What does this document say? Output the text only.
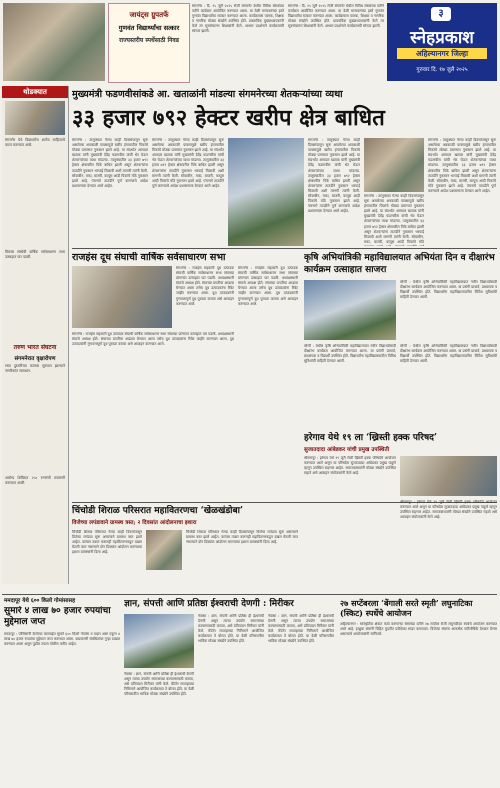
जायंट्स ग्रुपतर्फे
गुणवंत विद्यार्थ्यांचा सत्कार
राज्यस्तरीय स्पर्धेसाठी निवड
संगमनेर : दि. १५ जुलै २०२५ रोजी संगमनेर येथील विविध संस्थांच्या वतीने कार्यक्रम आयोजित करण्यात आला. या वेळी मान्यवरांच्या हस्ते गुणवंत विद्यार्थ्यांचा सत्कार करण्यात आला. कार्यक्रमास पालक, शिक्षक व नागरिक मोठ्या संख्येने उपस्थित होते. प्रास्ताविक मुख्याध्यापकांनी केले तर सूत्रसंचालन शिक्षकांनी केले. आभार प्रदर्शनाने कार्यक्रमाची सांगता झाली.
संगमनेर : दि. १५ जुलै २०२५ रोजी संगमनेर येथील विविध संस्थांच्या वतीने कार्यक्रम आयोजित करण्यात आला. या वेळी मान्यवरांच्या हस्ते गुणवंत विद्यार्थ्यांचा सत्कार करण्यात आला. कार्यक्रमास पालक, शिक्षक व नागरिक मोठ्या संख्येने उपस्थित होते. प्रास्ताविक मुख्याध्यापकांनी केले तर सूत्रसंचालन शिक्षकांनी केले. आभार प्रदर्शनाने कार्यक्रमाची सांगता झाली.
३
स्नेहप्रकाश
अहिल्यानगर जिल्हा
गुरुवार दि. १७ जुलै २०२५
थोडक्यात
संगमनेर येथे विद्यार्थ्यांना शालेय साहित्याचे वाटप करण्यात आले.
विकास संस्थेची वार्षिक सर्वसाधारण सभा उत्साहात पार पडली.
तरुण भारत संघटना
संगमनेरात वृक्षारोपण
रस्ता दुरुस्तीच्या कामास सुरुवात झाल्याने नागरिकांत समाधान.
आरोग्य शिबिरात २५० रुग्णांची तपासणी करण्यात आली.
मुख्यमंत्री फडणवीसांकडे आ. खताळांनी मांडल्या संगमनेरच्या शेतकऱ्यांच्या व्यथा
३३ हजार ७९२ हेक्टर खरीप क्षेत्र बाधित
संगमनेर : तालुक्यात गेल्या काही दिवसांपासून सुरू असलेल्या अवकाळी पावसामुळे खरीप हंगामातील पिकांचे मोठ्या प्रमाणात नुकसान झाले आहे. या संदर्भात आमदार खताळ यांनी मुख्यमंत्री देवेंद्र फडणवीस यांची भेट घेऊन शेतकऱ्यांच्या व्यथा मांडल्या. तालुक्यातील ३३ हजार ७९२ हेक्टर क्षेत्रावरील पिके बाधित झाली असून शेतकऱ्यांना तातडीने नुकसान भरपाई मिळावी अशी मागणी त्यांनी केली. सोयाबीन, मका, बाजरी, कापूस आदी पिकांचे मोठे नुकसान झाले आहे. पंचनामे तातडीने पूर्ण करण्याचे आदेश प्रशासनाला देण्यात आले आहेत.
संगमनेर : तालुक्यात गेल्या काही दिवसांपासून सुरू असलेल्या अवकाळी पावसामुळे खरीप हंगामातील पिकांचे मोठ्या प्रमाणात नुकसान झाले आहे. या संदर्भात आमदार खताळ यांनी मुख्यमंत्री देवेंद्र फडणवीस यांची भेट घेऊन शेतकऱ्यांच्या व्यथा मांडल्या. तालुक्यातील ३३ हजार ७९२ हेक्टर क्षेत्रावरील पिके बाधित झाली असून शेतकऱ्यांना तातडीने नुकसान भरपाई मिळावी अशी मागणी त्यांनी केली. सोयाबीन, मका, बाजरी, कापूस आदी पिकांचे मोठे नुकसान झाले आहे. पंचनामे तातडीने पूर्ण करण्याचे आदेश प्रशासनाला देण्यात आले आहेत.
संगमनेर : तालुक्यात गेल्या काही दिवसांपासून सुरू असलेल्या अवकाळी पावसामुळे खरीप हंगामातील पिकांचे मोठ्या प्रमाणात नुकसान झाले आहे. या संदर्भात आमदार खताळ यांनी मुख्यमंत्री देवेंद्र फडणवीस यांची भेट घेऊन शेतकऱ्यांच्या व्यथा मांडल्या. तालुक्यातील ३३ हजार ७९२ हेक्टर क्षेत्रावरील पिके बाधित झाली असून शेतकऱ्यांना तातडीने नुकसान भरपाई मिळावी अशी मागणी त्यांनी केली. सोयाबीन, मका, बाजरी, कापूस आदी पिकांचे मोठे नुकसान झाले आहे. पंचनामे तातडीने पूर्ण करण्याचे आदेश प्रशासनाला देण्यात आले आहेत.
संगमनेर : तालुक्यात गेल्या काही दिवसांपासून सुरू असलेल्या अवकाळी पावसामुळे खरीप हंगामातील पिकांचे मोठ्या प्रमाणात नुकसान झाले आहे. या संदर्भात आमदार खताळ यांनी मुख्यमंत्री देवेंद्र फडणवीस यांची भेट घेऊन शेतकऱ्यांच्या व्यथा मांडल्या. तालुक्यातील ३३ हजार ७९२ हेक्टर क्षेत्रावरील पिके बाधित झाली असून शेतकऱ्यांना तातडीने नुकसान भरपाई मिळावी अशी मागणी त्यांनी केली. सोयाबीन, मका, बाजरी, कापूस आदी पिकांचे मोठे
संगमनेर : तालुक्यात गेल्या काही दिवसांपासून सुरू असलेल्या अवकाळी पावसामुळे खरीप हंगामातील पिकांचे मोठ्या प्रमाणात नुकसान झाले आहे. या संदर्भात आमदार खताळ यांनी मुख्यमंत्री देवेंद्र फडणवीस यांची भेट घेऊन शेतकऱ्यांच्या व्यथा मांडल्या. तालुक्यातील ३३ हजार ७९२ हेक्टर क्षेत्रावरील पिके बाधित झाली असून शेतकऱ्यांना तातडीने नुकसान भरपाई मिळावी अशी मागणी त्यांनी केली. सोयाबीन, मका, बाजरी, कापूस आदी पिकांचे मोठे नुकसान झाले आहे. पंचनामे तातडीने पूर्ण करण्याचे आदेश प्रशासनाला देण्यात आले आहेत.
राजहंस दूध संघाची वार्षिक सर्वसाधारण सभा
संगमनेर : राजहंस सहकारी दूध उत्पादक संघाची वार्षिक सर्वसाधारण सभा संघाच्या प्रांगणात उत्साहात पार पडली. अध्यक्षस्थानी संघाचे अध्यक्ष होते. संघाच्या प्रगतीचा आढावा घेण्यात आला तसेच दूध उत्पादकांना रिबेट जाहीर करण्यात आला. दूध उत्पादकांनी गुणवत्तापूर्ण दूध पुरवठा करावा असे आवाहन करण्यात आले.
संगमनेर : राजहंस सहकारी दूध उत्पादक संघाची वार्षिक सर्वसाधारण सभा संघाच्या प्रांगणात उत्साहात पार पडली. अध्यक्षस्थानी संघाचे अध्यक्ष होते. संघाच्या प्रगतीचा आढावा घेण्यात आला तसेच दूध उत्पादकांना रिबेट जाहीर करण्यात आला. दूध उत्पादकांनी गुणवत्तापूर्ण दूध पुरवठा करावा असे आवाहन करण्यात आले.
संगमनेर : राजहंस सहकारी दूध उत्पादक संघाची वार्षिक सर्वसाधारण सभा संघाच्या प्रांगणात उत्साहात पार पडली. अध्यक्षस्थानी संघाचे अध्यक्ष होते. संघाच्या प्रगतीचा आढावा घेण्यात आला तसेच दूध उत्पादकांना रिबेट जाहीर करण्यात आला. दूध उत्पादकांनी गुणवत्तापूर्ण दूध पुरवठा करावा असे आवाहन करण्यात आले.
कृषि अभियांत्रिकी महाविद्यालयात अभियंता दिन व दीक्षारंभ कार्यक्रम उत्साहात साजरा
लोणी : येथील कृषि अभियांत्रिकी महाविद्यालयात नवीन विद्यार्थ्यांसाठी दीक्षारंभ कार्यक्रम आयोजित करण्यात आला. या प्रसंगी प्राचार्य, प्राध्यापक व विद्यार्थी उपस्थित होते. विद्यार्थ्यांना महाविद्यालयातील विविध सुविधांची माहिती देण्यात आली.
लोणी : येथील कृषि अभियांत्रिकी महाविद्यालयात नवीन विद्यार्थ्यांसाठी दीक्षारंभ कार्यक्रम आयोजित करण्यात आला. या प्रसंगी प्राचार्य, प्राध्यापक व विद्यार्थी उपस्थित होते. विद्यार्थ्यांना महाविद्यालयातील विविध सुविधांची माहिती देण्यात आली.
लोणी : येथील कृषि अभियांत्रिकी महाविद्यालयात नवीन विद्यार्थ्यांसाठी दीक्षारंभ कार्यक्रम आयोजित करण्यात आला. या प्रसंगी प्राचार्य, प्राध्यापक व विद्यार्थी उपस्थित होते. विद्यार्थ्यांना महाविद्यालयातील विविध सुविधांची माहिती देण्यात आली.
चिंचोडी शिराळ परिसरात महावितरणचा ‘खेळखंडोबा’
विजेच्या लपंडावाने ग्रामस्थ त्रस्त; २ दिवसांत आंदोलनाचा इशारा
चिंचोडी शिराळ परिसरात गेल्या काही दिवसांपासून विजेचा लपंडाव सुरू असल्याने ग्रामस्थ त्रस्त झाले आहेत. वारंवार तक्रार करूनही महावितरणकडून दखल घेतली जात नसल्याने दोन दिवसांत आंदोलन करण्याचा इशारा ग्रामस्थांनी दिला आहे.
चिंचोडी शिराळ परिसरात गेल्या काही दिवसांपासून विजेचा लपंडाव सुरू असल्याने ग्रामस्थ त्रस्त झाले आहेत. वारंवार तक्रार करूनही महावितरणकडून दखल घेतली जात नसल्याने दोन दिवसांत आंदोलन करण्याचा इशारा ग्रामस्थांनी दिला आहे.
हरेगाव येथे १९ ला ‘ख्रिस्ती हक्क परिषद’
सुजातदादा आंबेडकर यांची प्रमुख उपस्थिती
श्रीरामपूर : हरेगाव येथे १९ जुलै रोजी ख्रिस्ती हक्क परिषदेचे आयोजन करण्यात आले असून या परिषदेस सुजातदादा आंबेडकर प्रमुख पाहुणे म्हणून उपस्थित राहणार आहेत. समाजबांधवांनी मोठ्या संख्येने उपस्थित राहावे असे आवाहन संयोजकांनी केले आहे.
श्रीरामपूर : हरेगाव येथे १९ जुलै रोजी ख्रिस्ती हक्क परिषदेचे आयोजन करण्यात आले असून या परिषदेस सुजातदादा आंबेडकर प्रमुख पाहुणे म्हणून उपस्थित राहणार आहेत. समाजबांधवांनी मोठ्या संख्येने उपस्थित राहावे असे आवाहन संयोजकांनी केले आहे.
ममदापूर येथे ६०० किलो गोमांसासह
सुमारे ४ लाख ७० हजार रुपयांचा मुद्देमाल जप्त
ममदापूर : पोलिसांनी केलेल्या कारवाईत सुमारे ६०० किलो गोमांस व वाहन असा एकूण ४ लाख ७० हजार रुपयांचा मुद्देमाल जप्त करण्यात आला. याप्रकरणी संबंधितांवर गुन्हा दाखल करण्यात आला असून पुढील तपास पोलीस करीत आहेत.
ज्ञान, संपत्ती आणि प्रतिष्ठा ईश्वराची देणगी : मिरीकर
नेवासा : ज्ञान, संपत्ती आणि प्रतिष्ठा ही ईश्वराची देणगी असून त्याचा उपयोग समाजाच्या कल्याणासाठी करावा, असे प्रतिपादन मिरीकर यांनी केले. कीर्तन सप्ताहाच्या निमित्ताने आयोजित कार्यक्रमात ते बोलत होते. या वेळी परिसरातील भाविक मोठ्या संख्येने उपस्थित होते.
नेवासा : ज्ञान, संपत्ती आणि प्रतिष्ठा ही ईश्वराची देणगी असून त्याचा उपयोग समाजाच्या कल्याणासाठी करावा, असे प्रतिपादन मिरीकर यांनी केले. कीर्तन सप्ताहाच्या निमित्ताने आयोजित कार्यक्रमात ते बोलत होते. या वेळी परिसरातील भाविक मोठ्या संख्येने उपस्थित होते.
नेवासा : ज्ञान, संपत्ती आणि प्रतिष्ठा ही ईश्वराची देणगी असून त्याचा उपयोग समाजाच्या कल्याणासाठी करावा, असे प्रतिपादन मिरीकर यांनी केले. कीर्तन सप्ताहाच्या निमित्ताने आयोजित कार्यक्रमात ते बोलत होते. या वेळी परिसरातील भाविक मोठ्या संख्येने उपस्थित होते.
२७ सप्टेंबरला ‘बेंगाली सरते स्मृती’ लघुनाटिका (स्किट) स्पर्धेचे आयोजन
अहिल्यानगर : सांस्कृतिक क्षेत्रात कार्य करणाऱ्या संस्थेच्या वतीने २७ सप्टेंबर रोजी लघुनाटिका स्पर्धेचे आयोजन करण्यात आले आहे. इच्छुक संघांनी विहित मुदतीत प्रवेशिका सादर कराव्यात. विजेत्या संघांना आकर्षक पारितोषिके देण्यात येणार असल्याचे आयोजकांनी सांगितले.
